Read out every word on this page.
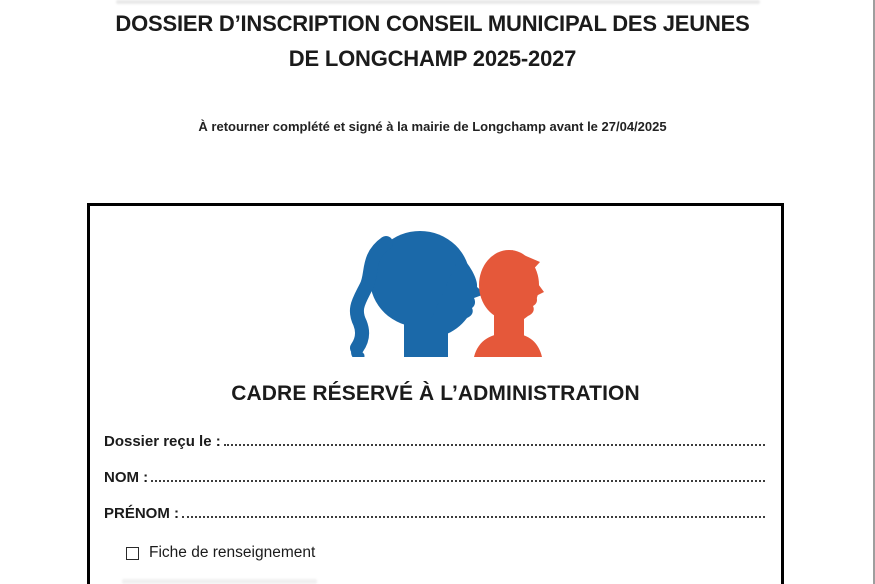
DOSSIER D’INSCRIPTION CONSEIL MUNICIPAL DES JEUNES
DE LONGCHAMP 2025-2027
À retourner complété et signé à la mairie de Longchamp avant le 27/04/2025
CADRE RÉSERVÉ À L’ADMINISTRATION
Dossier reçu le :
NOM :
PRÉNOM :
Fiche de renseignement
